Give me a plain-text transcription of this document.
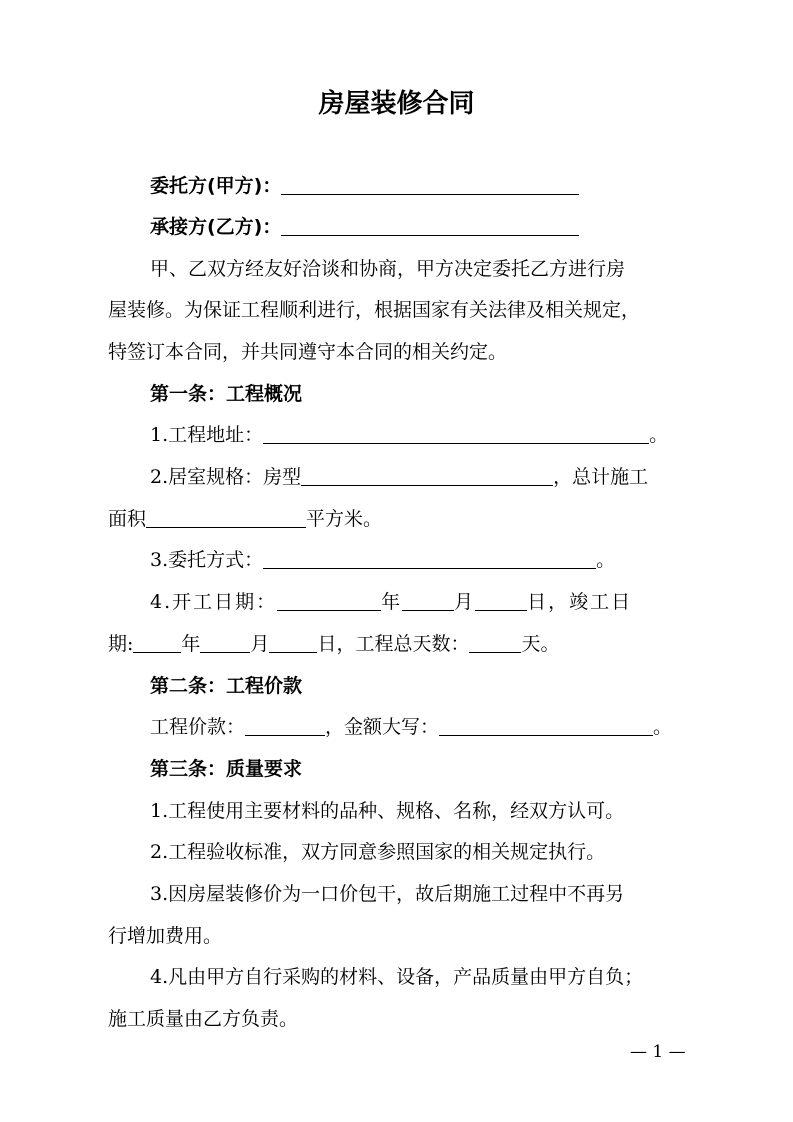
房屋装修合同
委托方(甲方)：
承接方(乙方)：
甲、乙双方经友好洽谈和协商，甲方决定委托乙方进行房
屋装修。为保证工程顺利进行，根据国家有关法律及相关规定，
特签订本合同，并共同遵守本合同的相关约定。
第一条：工程概况
1.工程地址：	。
2.居室规格：房型	，总计施工
面积	平方米。
3.委托方式：	。
4.开工日期：	年	月	日，竣工日
期:	年	月	日，工程总天数：	天。
第二条：工程价款
工程价款：	，金额大写：	。
第三条：质量要求
1.工程使用主要材料的品种、规格、名称，经双方认可。
2.工程验收标准，双方同意参照国家的相关规定执行。
3.因房屋装修价为一口价包干，故后期施工过程中不再另
行增加费用。
4.凡由甲方自行采购的材料、设备，产品质量由甲方自负；
施工质量由乙方负责。
— 1 —
